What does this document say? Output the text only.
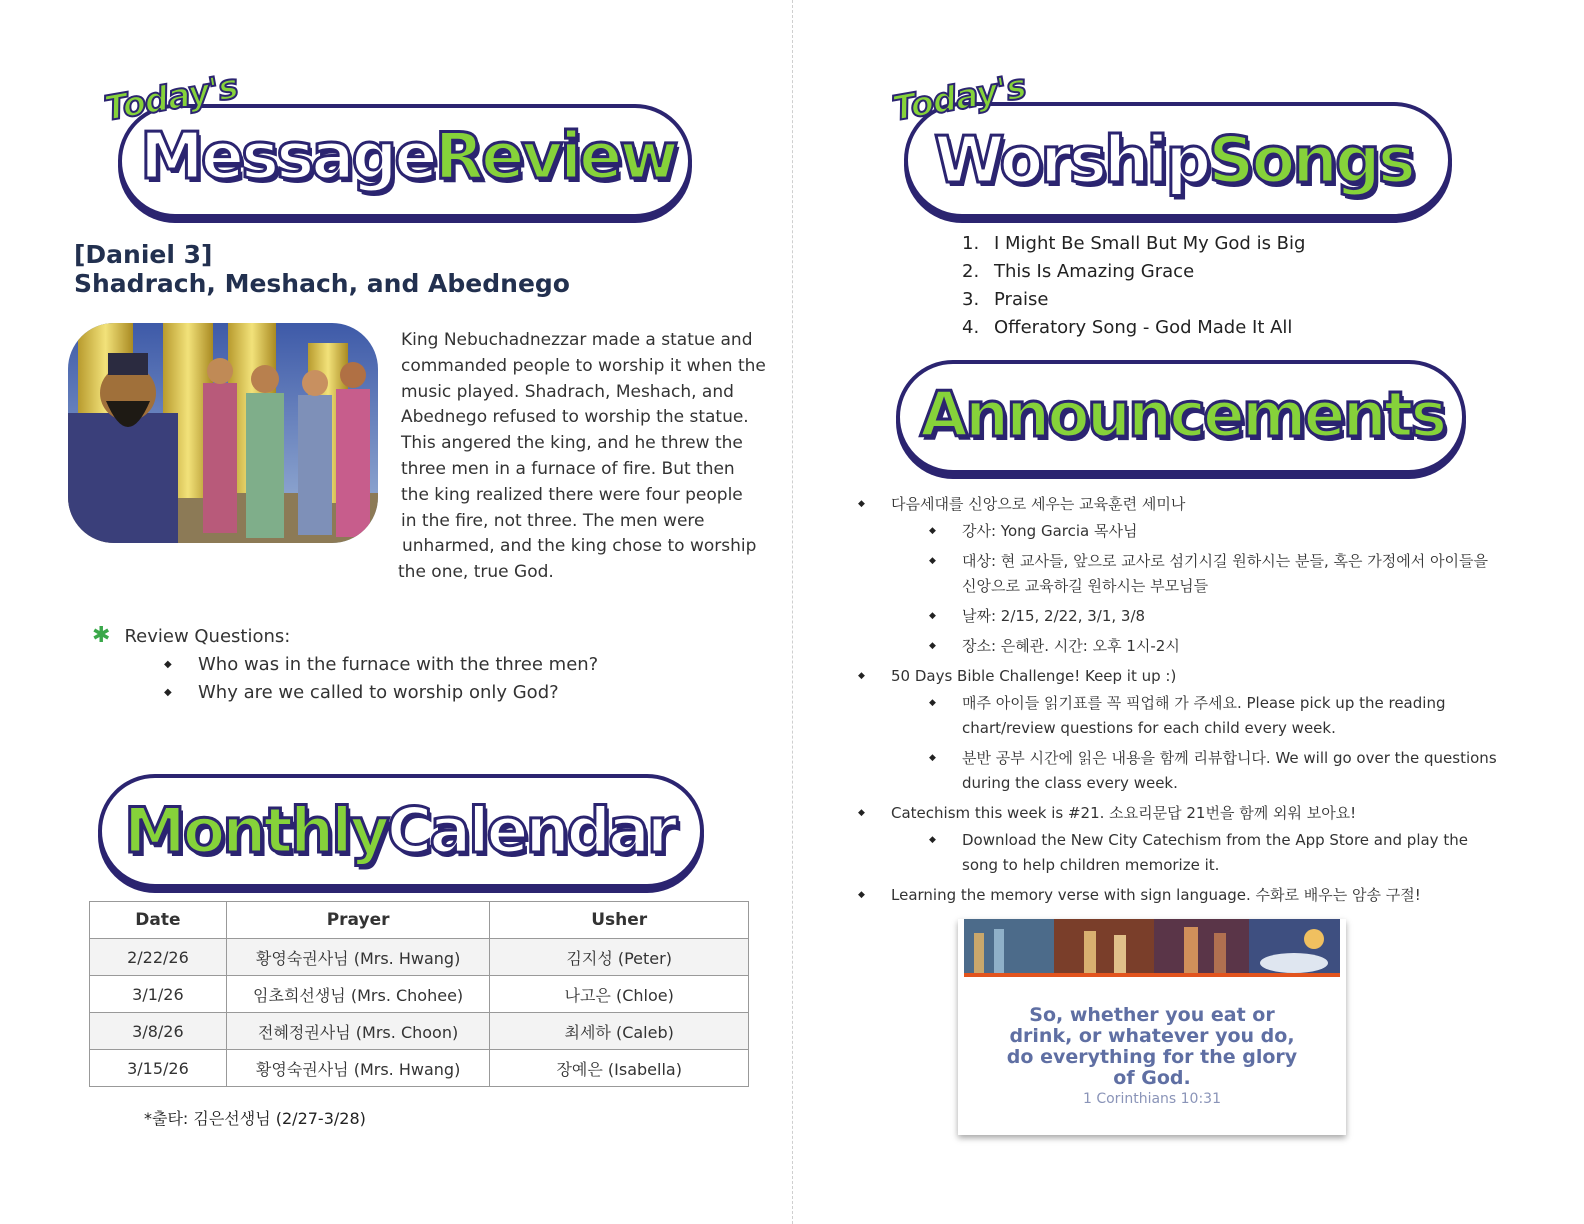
Today's
MessageReview
[Daniel 3]
Shadrach, Meshach, and Abednego
King Nebuchadnezzar made a statue and
commanded people to worship it when the
music played. Shadrach, Meshach, and
Abednego refused to worship the statue.
This angered the king, and he threw the
three men in a furnace of fire. But then
the king realized there were four people
in the fire, not three. The men were
unharmed, and the king chose to worship
the one, true God.
✱ Review Questions:
◆ Who was in the furnace with the three men?
◆ Why are we called to worship only God?
MonthlyCalendar
Date	Prayer	Usher
2/22/26	황영숙권사님 (Mrs. Hwang)	김지성 (Peter)
3/1/26	임초희선생님 (Mrs. Chohee)	나고은 (Chloe)
3/8/26	전혜정권사님 (Mrs. Choon)	최세하 (Caleb)
3/15/26	황영숙권사님 (Mrs. Hwang)	장예은 (Isabella)
*출타: 김은선생님 (2/27-3/28)
Today's
WorshipSongs
1. I Might Be Small But My God is Big
2. This Is Amazing Grace
3. Praise
4. Offeratory Song - God Made It All
Announcements
◆ 다음세대를 신앙으로 세우는 교육훈련 세미나
◆ 강사: Yong Garcia 목사님
◆ 대상: 현 교사들, 앞으로 교사로 섬기시길 원하시는 분들, 혹은 가정에서 아이들을 신앙으로 교육하길 원하시는 부모님들
◆ 날짜: 2/15, 2/22, 3/1, 3/8
◆ 장소: 은혜관. 시간: 오후 1시-2시
◆ 50 Days Bible Challenge! Keep it up :)
◆ 매주 아이들 읽기표를 꼭 픽업해 가 주세요. Please pick up the reading chart/review questions for each child every week.
◆ 분반 공부 시간에 읽은 내용을 함께 리뷰합니다. We will go over the questions during the class every week.
◆ Catechism this week is #21. 소요리문답 21번을 함께 외워 보아요!
◆ Download the New City Catechism from the App Store and play the song to help children memorize it.
◆ Learning the memory verse with sign language. 수화로 배우는 암송 구절!
So, whether you eat or drink, or whatever you do, do everything for the glory of God.
1 Corinthians 10:31
